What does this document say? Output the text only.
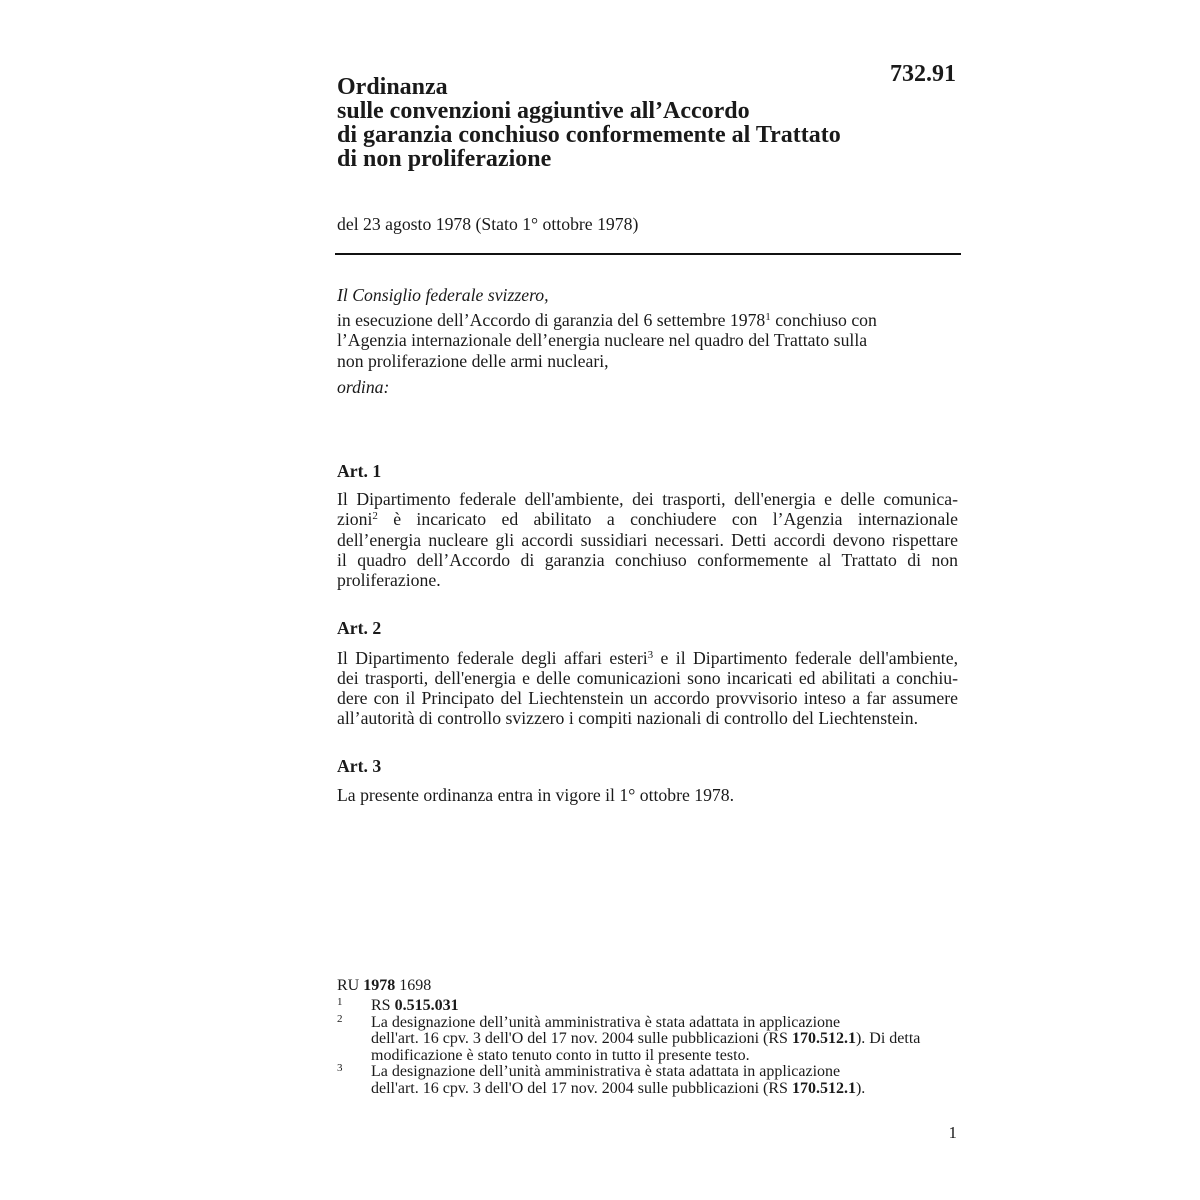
Ordinanza
sulle convenzioni aggiuntive all’Accordo
di garanzia conchiuso conformemente al Trattato
di non proliferazione
732.91
del 23 agosto 1978 (Stato 1° ottobre 1978)
Il Consiglio federale svizzero,
in esecuzione dell’Accordo di garanzia del 6 settembre 1978$^1$ conchiuso con
l’Agenzia internazionale dell’energia nucleare nel quadro del Trattato sulla
non proliferazione delle armi nucleari,
ordina:
Art. 1
Il Dipartimento federale dell'ambiente, dei trasporti, dell'energia e delle comunica-
zioni$^2$ è incaricato ed abilitato a conchiudere con l’Agenzia internazionale
dell’energia nucleare gli accordi sussidiari necessari. Detti accordi devono rispettare
il quadro dell’Accordo di garanzia conchiuso conformemente al Trattato di non
proliferazione.
Art. 2
Il Dipartimento federale degli affari esteri$^3$ e il Dipartimento federale dell'ambiente,
dei trasporti, dell'energia e delle comunicazioni sono incaricati ed abilitati a conchiu-
dere con il Principato del Liechtenstein un accordo provvisorio inteso a far assumere
all’autorità di controllo svizzero i compiti nazionali di controllo del Liechtenstein.
Art. 3
La presente ordinanza entra in vigore il 1° ottobre 1978.
RU 1978 1698
1	RS 0.515.031
2	La designazione dell’unità amministrativa è stata adattata in applicazione
dell'art. 16 cpv. 3 dell'O del 17 nov. 2004 sulle pubblicazioni (RS 170.512.1). Di detta
modificazione è stato tenuto conto in tutto il presente testo.
3	La designazione dell’unità amministrativa è stata adattata in applicazione
dell'art. 16 cpv. 3 dell'O del 17 nov. 2004 sulle pubblicazioni (RS 170.512.1).
1
